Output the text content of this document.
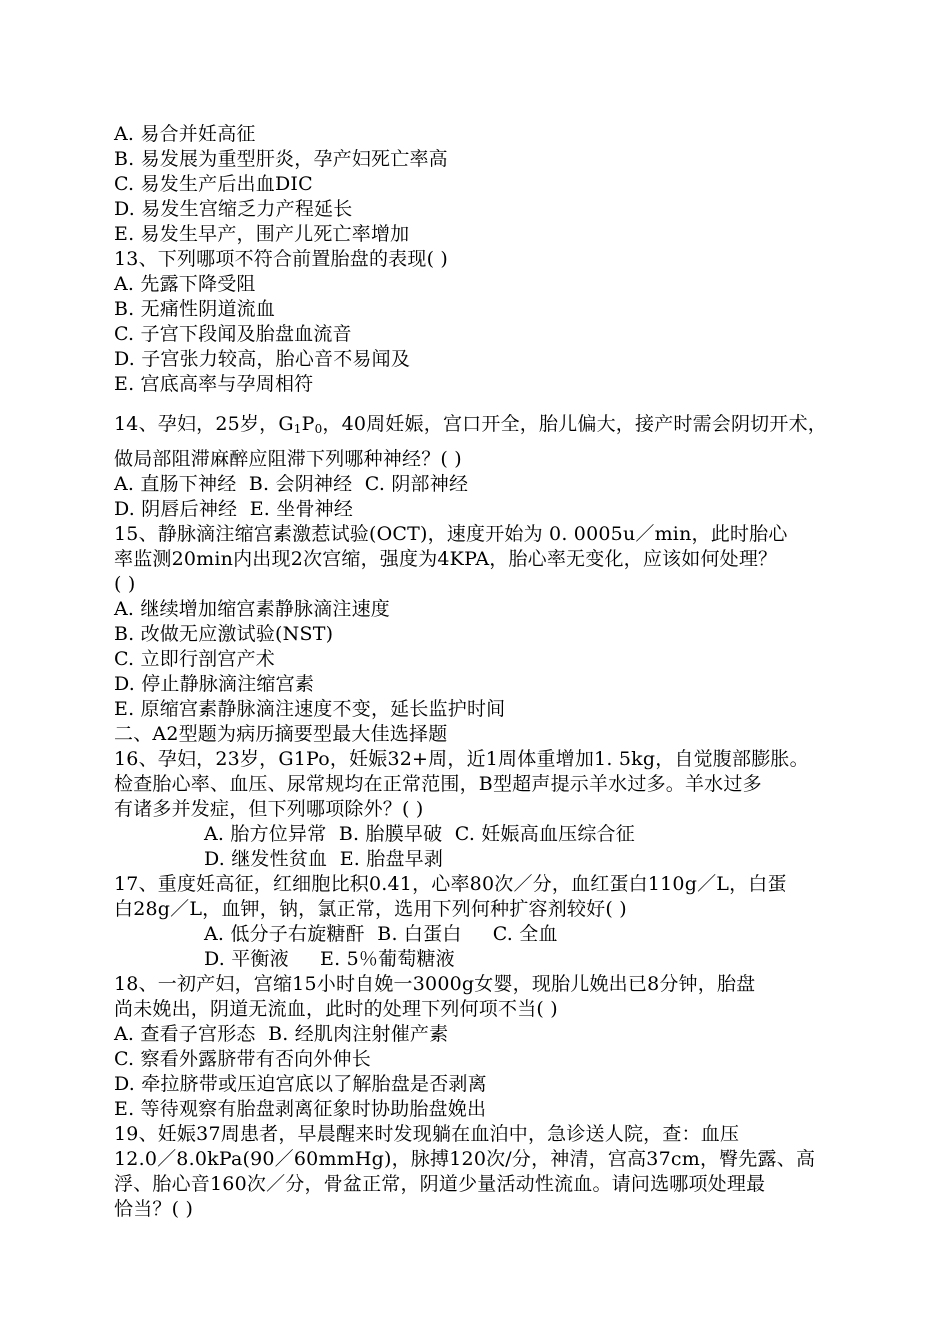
A. 易合并妊高征
B. 易发展为重型肝炎，孕产妇死亡率高
C. 易发生产后出血DIC
D. 易发生宫缩乏力产程延长
E. 易发生早产，围产儿死亡率增加
13、下列哪项不符合前置胎盘的表现( )
A. 先露下降受阻
B. 无痛性阴道流血
C. 子宫下段闻及胎盘血流音
D. 子宫张力较高，胎心音不易闻及
E. 宫底高率与孕周相符
14、孕妇，25岁，$G_1P_0$，40周妊娠，宫口开全，胎儿偏大，接产时需会阴切开术，
做局部阻滞麻醉应阻滞下列哪种神经？( )
A. 直肠下神经  B. 会阴神经  C. 阴部神经
D. 阴唇后神经  E. 坐骨神经
15、静脉滴注缩宫素激惹试验(OCT)，速度开始为 0. 0005u／min，此时胎心
率监测20min内出现2次宫缩，强度为4KPA，胎心率无变化，应该如何处理？
( )
A. 继续增加缩宫素静脉滴注速度
B. 改做无应激试验(NST)
C. 立即行剖宫产术
D. 停止静脉滴注缩宫素
E. 原缩宫素静脉滴注速度不变，延长监护时间
二、A2型题为病历摘要型最大佳选择题
16、孕妇，23岁，G1Po，妊娠32+周，近1周体重增加1. 5kg，自觉腹部膨胀。
检查胎心率、血压、尿常规均在正常范围，B型超声提示羊水过多。羊水过多
有诸多并发症，但下列哪项除外？( )
A. 胎方位异常  B. 胎膜早破  C. 妊娠高血压综合征
D. 继发性贫血  E. 胎盘早剥
17、重度妊高征，红细胞比积0.41，心率80次／分，血红蛋白110g／L，白蛋
白28g／L，血钾，钠，氯正常，选用下列何种扩容剂较好( )
A. 低分子右旋糖酐  B. 白蛋白     C. 全血
D. 平衡液     E. 5％葡萄糖液
18、一初产妇，宫缩15小时自娩一3000g女婴，现胎儿娩出已8分钟，胎盘
尚未娩出，阴道无流血，此时的处理下列何项不当( )
A. 查看子宫形态  B. 经肌肉注射催产素
C. 察看外露脐带有否向外伸长
D. 牵拉脐带或压迫宫底以了解胎盘是否剥离
E. 等待观察有胎盘剥离征象时协助胎盘娩出
19、妊娠37周患者，早晨醒来时发现躺在血泊中，急诊送人院，查：血压
12.0／8.0kPa(90／60mmHg)，脉搏120次/分，神清，宫高37cm，臀先露、高
浮、胎心音160次／分，骨盆正常，阴道少量活动性流血。请问选哪项处理最
恰当？( )
